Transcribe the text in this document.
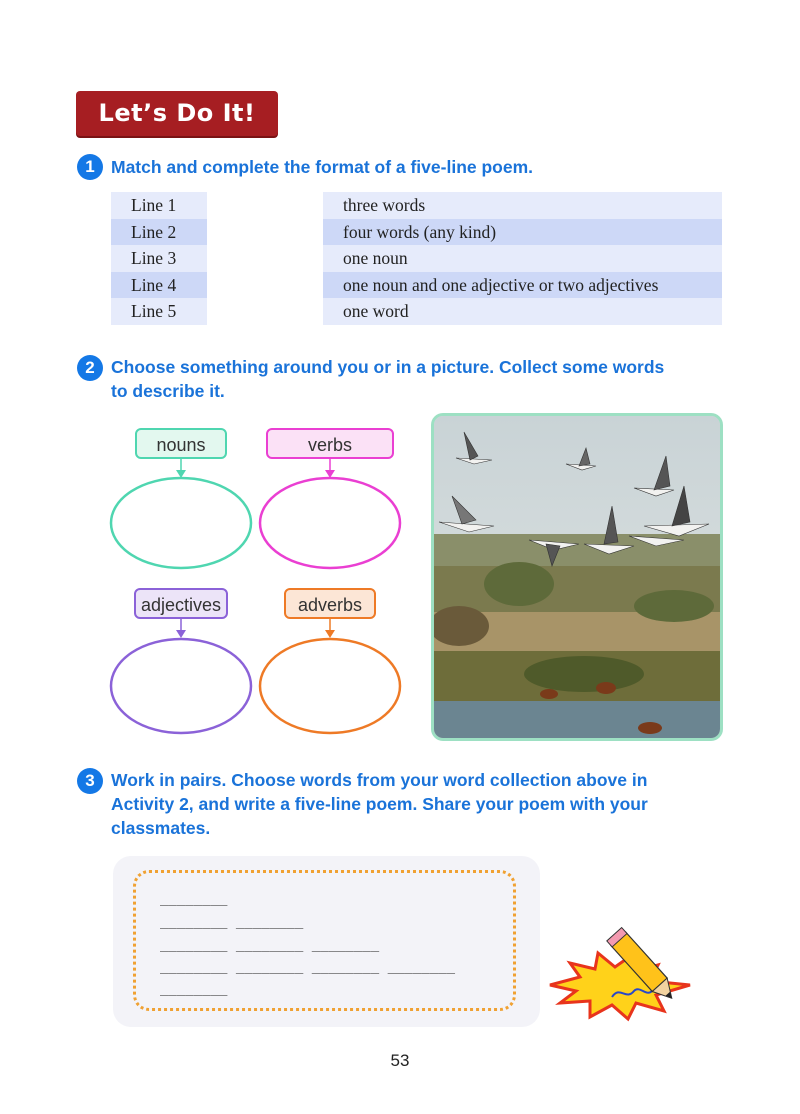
Let’s Do It!
1 Match and complete the format of a five-line poem.
Line 1
Line 2
Line 3
Line 4
Line 5
three words
four words (any kind)
one noun
one noun and one adjective or two adjectives
one word
2 Choose something around you or in a picture. Collect some words
to describe it.
nouns	verbs
adjectives	adverbs
3 Work in pairs. Choose words from your word collection above in
Activity 2, and write a five-line poem. Share your poem with your
classmates.
________
________ ________
________ ________ ________
________ ________ ________ ________
________
53
